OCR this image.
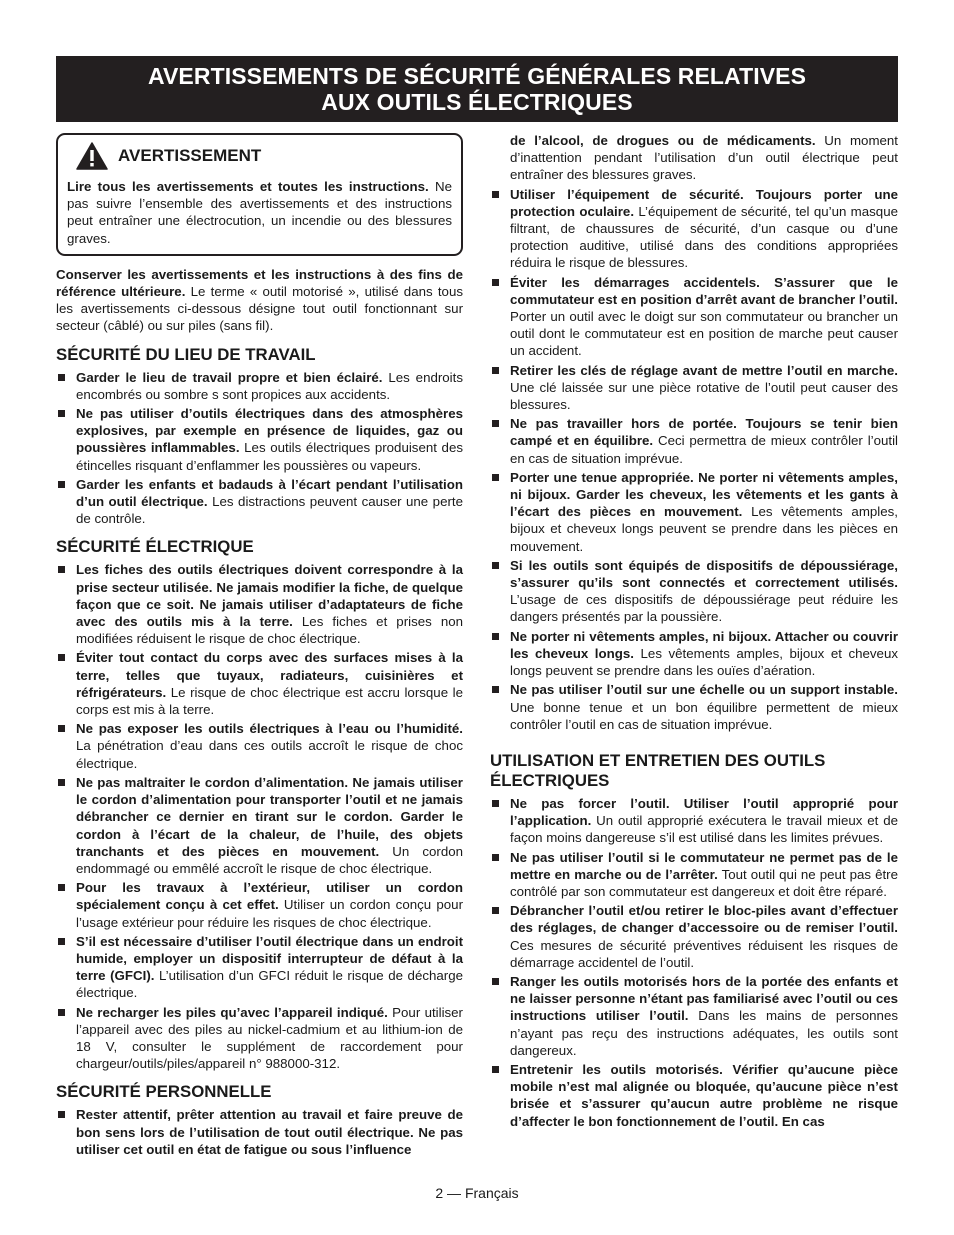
AVERTISSEMENTS DE SÉCURITÉ GÉNÉRALES RELATIVES
AUX OUTILS ÉLECTRIQUES
AVERTISSEMENT

Lire tous les avertissements et toutes les instructions. Ne pas suivre l’ensemble des avertissements et des instructions peut entraîner une électrocution, un incendie ou des blessures graves.

Conserver les avertissements et les instructions à des fins de référence ultérieure. Le terme « outil motorisé », utilisé dans tous les avertissements ci-dessous désigne tout outil fonctionnant sur secteur (câblé) ou sur piles (sans fil).

SÉCURITÉ DU LIEU DE TRAVAIL
Garder le lieu de travail propre et bien éclairé. Les endroits encombrés ou sombre s sont propices aux accidents.
Ne pas utiliser d’outils électriques dans des atmosphères explosives, par exemple en présence de liquides, gaz ou poussières inflammables. Les outils électriques produisent des étincelles risquant d’enflammer les poussières ou vapeurs.
Garder les enfants et badauds à l’écart pendant l’utilisation d’un outil électrique. Les distractions peuvent causer une perte de contrôle.
SÉCURITÉ ÉLECTRIQUE
Les fiches des outils électriques doivent correspondre à la prise secteur utilisée. Ne jamais modifier la fiche, de quelque façon que ce soit. Ne jamais utiliser d’adaptateurs de fiche avec des outils mis à la terre. Les fiches et prises non modifiées réduisent le risque de choc électrique.
Éviter tout contact du corps avec des surfaces mises à la terre, telles que tuyaux, radiateurs, cuisinières et réfrigérateurs. Le risque de choc électrique est accru lorsque le corps est mis à la terre.
Ne pas exposer les outils électriques à l’eau ou l’humidité. La pénétration d’eau dans ces outils accroît le risque de choc électrique.
Ne pas maltraiter le cordon d’alimentation. Ne jamais utiliser le cordon d’alimentation pour transporter l’outil et ne jamais débrancher ce dernier en tirant sur le cordon. Garder le cordon à l’écart de la chaleur, de l’huile, des objets tranchants et des pièces en mouvement. Un cordon endommagé ou emmêlé accroît le risque de choc électrique.
Pour les travaux à l’extérieur, utiliser un cordon spécialement conçu à cet effet. Utiliser un cordon conçu pour l’usage extérieur pour réduire les risques de choc électrique.
S’il est nécessaire d’utiliser l’outil électrique dans un endroit humide, employer un dispositif interrupteur de défaut à la terre (GFCI). L’utilisation d’un GFCI réduit le risque de décharge électrique.
Ne recharger les piles qu’avec l’appareil indiqué. Pour utiliser l’appareil avec des piles au nickel-cadmium et au lithium-ion de 18 V, consulter le supplément de raccordement pour chargeur/outils/piles/appareil n° 988000-312.
SÉCURITÉ PERSONNELLE
Rester attentif, prêter attention au travail et faire preuve de bon sens lors de l’utilisation de tout outil électrique. Ne pas utiliser cet outil en état de fatigue ou sous l’influence
de l’alcool, de drogues ou de médicaments. Un moment d’inattention pendant l’utilisation d’un outil électrique peut entraîner des blessures graves.
Utiliser l’équipement de sécurité. Toujours porter une protection oculaire. L’équipement de sécurité, tel qu’un masque filtrant, de chaussures de sécurité, d’un casque ou d’une protection auditive, utilisé dans des conditions appropriées réduira le risque de blessures.
Éviter les démarrages accidentels. S’assurer que le commutateur est en position d’arrêt avant de brancher l’outil. Porter un outil avec le doigt sur son commutateur ou brancher un outil dont le commutateur est en position de marche peut causer un accident.
Retirer les clés de réglage avant de mettre l’outil en marche. Une clé laissée sur une pièce rotative de l’outil peut causer des blessures.
Ne pas travailler hors de portée. Toujours se tenir bien campé et en équilibre. Ceci permettra de mieux contrôler l’outil en cas de situation imprévue.
Porter une tenue appropriée. Ne porter ni vêtements amples, ni bijoux. Garder les cheveux, les vêtements et les gants à l’écart des pièces en mouvement. Les vêtements amples, bijoux et cheveux longs peuvent se prendre dans les pièces en mouvement.
Si les outils sont équipés de dispositifs de dépoussiérage, s’assurer qu’ils sont connectés et correctement utilisés. L’usage de ces dispositifs de dépoussiérage peut réduire les dangers présentés par la poussière.
Ne porter ni vêtements amples, ni bijoux. Attacher ou couvrir les cheveux longs. Les vêtements amples, bijoux et cheveux longs peuvent se prendre dans les ouïes d’aération.
Ne pas utiliser l’outil sur une échelle ou un support instable. Une bonne tenue et un bon équilibre permettent de mieux contrôler l’outil en cas de situation imprévue.
UTILISATION ET ENTRETIEN DES OUTILS ÉLECTRIQUES
Ne pas forcer l’outil. Utiliser l’outil approprié pour l’application. Un outil approprié exécutera le travail mieux et de façon moins dangereuse s’il est utilisé dans les limites prévues.
Ne pas utiliser l’outil si le commutateur ne permet pas de le mettre en marche ou de l’arrêter. Tout outil qui ne peut pas être contrôlé par son commutateur est dangereux et doit être réparé.
Débrancher l’outil et/ou retirer le bloc-piles avant d’effectuer des réglages, de changer d’accessoire ou de remiser l’outil. Ces mesures de sécurité préventives réduisent les risques de démarrage accidentel de l’outil.
Ranger les outils motorisés hors de la portée des enfants et ne laisser personne n’étant pas familiarisé avec l’outil ou ces instructions utiliser l’outil. Dans les mains de personnes n’ayant pas reçu des instructions adéquates, les outils sont dangereux.
Entretenir les outils motorisés. Vérifier qu’aucune pièce mobile n’est mal alignée ou bloquée, qu’aucune pièce n’est brisée et s’assurer qu’aucun autre problème ne risque d’affecter le bon fonctionnement de l’outil. En cas
2 — Français
